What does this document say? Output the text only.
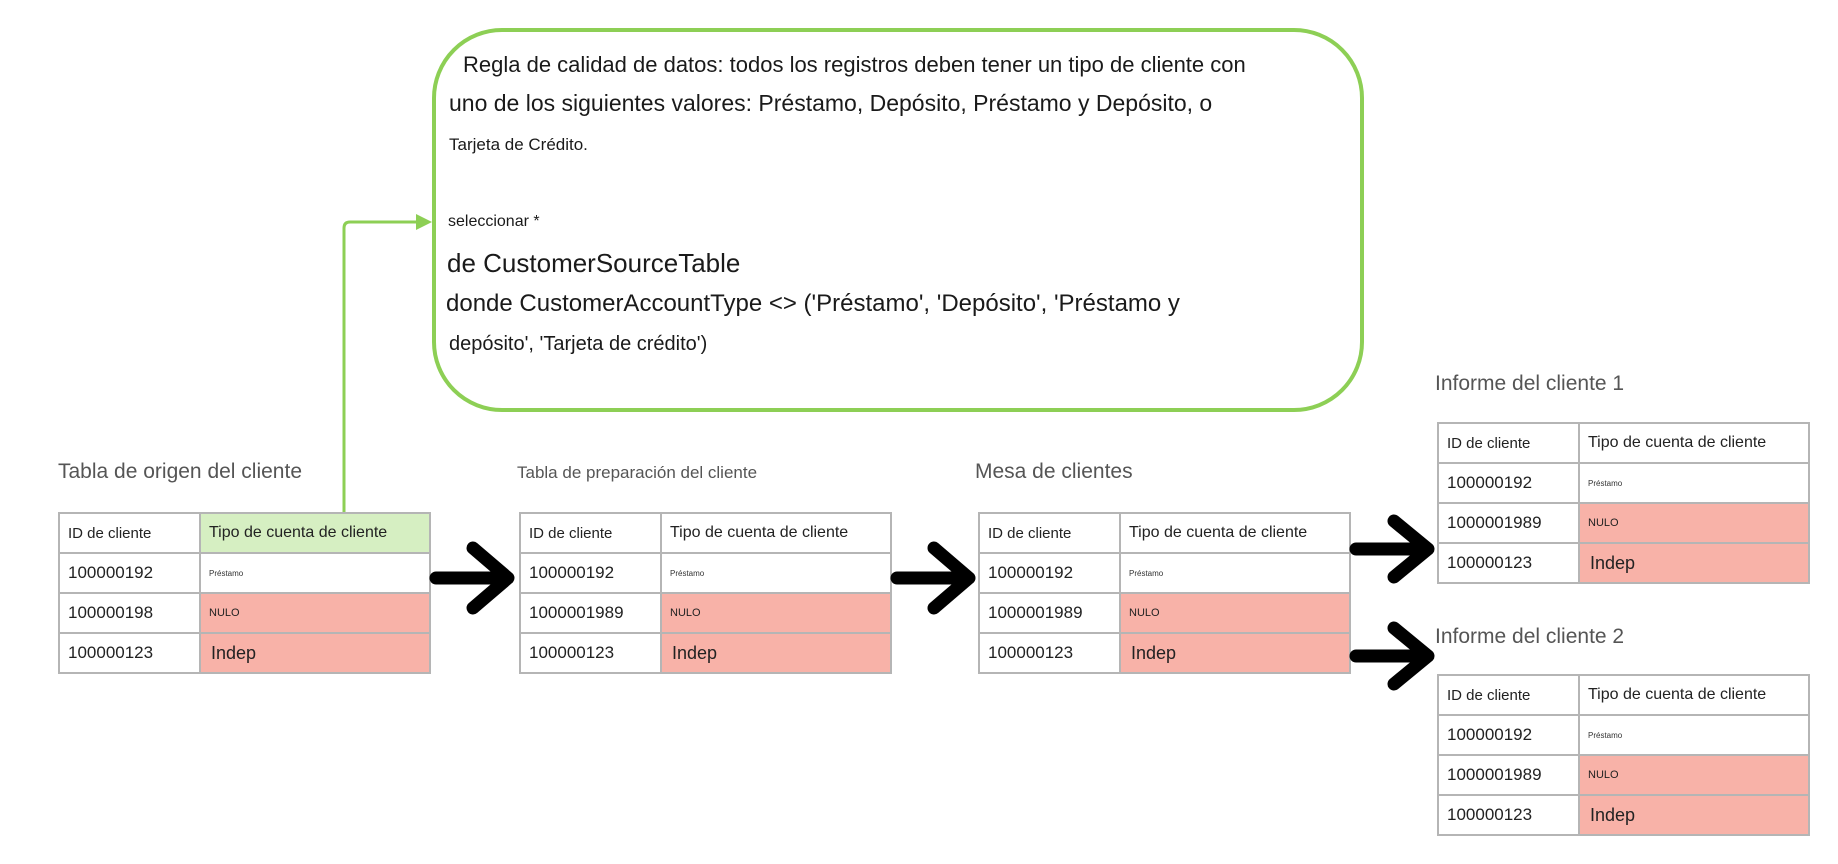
Regla de calidad de datos: todos los registros deben tener un tipo de cliente con
uno de los siguientes valores: Préstamo, Depósito, Préstamo y Depósito, o
Tarjeta de Crédito.
seleccionar *
de CustomerSourceTable
donde CustomerAccountType <> ('Préstamo', 'Depósito', 'Préstamo y
depósito', 'Tarjeta de crédito')
Tabla de origen del cliente	Tabla de preparación del cliente	Mesa de clientes
Informe del cliente 1
Informe del cliente 2
ID de cliente	Tipo de cuenta de cliente
100000192	Préstamo
100000198	NULO
100000123	Indep
ID de cliente	Tipo de cuenta de cliente
100000192	Préstamo
1000001989	NULO
100000123	Indep
ID de cliente	Tipo de cuenta de cliente
100000192	Préstamo
1000001989	NULO
100000123	Indep
ID de cliente	Tipo de cuenta de cliente
100000192	Préstamo
1000001989	NULO
100000123	Indep
ID de cliente	Tipo de cuenta de cliente
100000192	Préstamo
1000001989	NULO
100000123	Indep
